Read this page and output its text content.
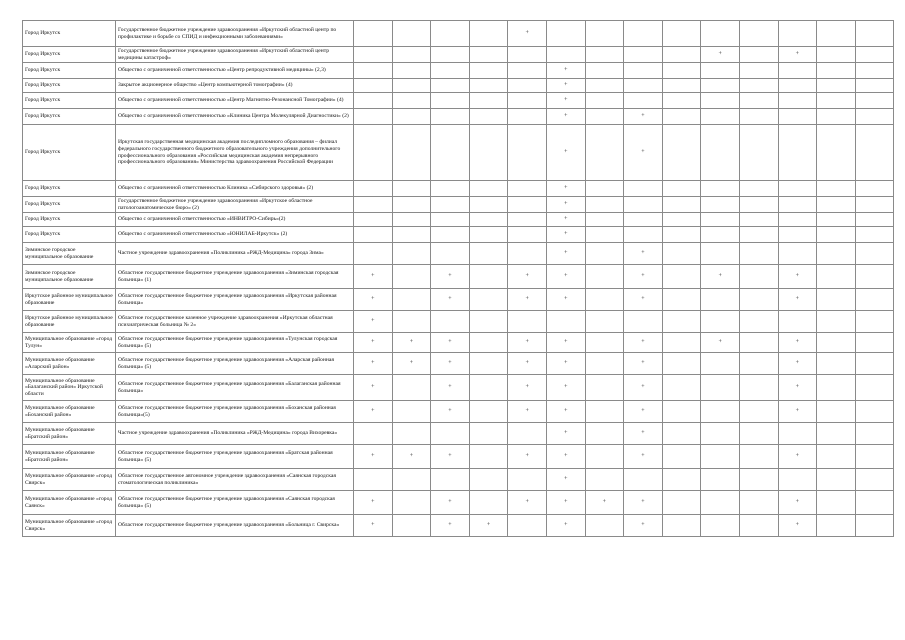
Город Иркутск	Государственное бюджетное учреждение здравоохранения «Иркутский областной центр по профилактике и борьбе со СПИД и инфекционными заболеваниями»					+									
Город Иркутск	Государственное бюджетное учреждение здравоохранения «Иркутский областной центр медицины катастроф»										+		+		
Город Иркутск	Общество с ограниченной ответственностью «Центр репродуктивной медицины» (2,3)						+								
Город Иркутск	Закрытое акционерное общество «Центр компьютерной томографии» (4)						+								
Город Иркутск	Общество с ограниченной ответственностью «Центр Магнитно-Резонансной Томографии» (4)						+								
Город Иркутск	Общество с ограниченной ответственностью «Клиника Центра Молекулярной Диагностики» (2)						+		+						
Город Иркутск	Иркутская государственная медицинская академия последипломного образования – филиал федерального государственного бюджетного образовательного учреждения дополнительного профессионального образования «Российская медицинская академия непрерывного профессионального образования» Министерства здравоохранения Российской Федерации						+		+						
Город Иркутск	Общество с ограниченной ответственностью Клиника «Сибирского здоровья» (2)						+								
Город Иркутск	Государственное бюджетное учреждение здравоохранения «Иркутское областное патологоанатомическое бюро» (2)						+								
Город Иркутск	Общество с ограниченной ответственностью «ИНВИТРО-Сибирь»(2)						+								
Город Иркутск	Общество с ограниченной ответственностью «ЮНИЛАБ-Иркутск» (2)						+								
Зиминское городское муниципальное образование	Частное учреждение здравоохранения «Поликлиника «РЖД-Медицина» города Зима»						+		+						
Зиминское городское муниципальное образование	Областное государственное бюджетное учреждение здравоохранения «Зиминская городская больница» (1)	+		+		+	+		+		+		+		
Иркутское районное муниципальное образование	Областное государственное бюджетное учреждение здравоохранения «Иркутская районная больница»	+		+		+	+		+				+		
Иркутское районное муниципальное образование	Областное государственное казенное учреждение здравоохранения «Иркутская областная психиатрическая больница № 2»	+													
Муниципальное образование «город Тулун»	Областное государственное бюджетное учреждение здравоохранения «Тулунская городская больница» (5)	+	+	+		+	+		+		+		+		
Муниципальное образование «Аларский район»	Областное государственное бюджетное учреждение здравоохранения «Аларская районная больница» (5)	+	+	+		+	+		+				+		
Муниципальное образование «Балаганский район» Иркутской области	Областное государственное бюджетное учреждение здравоохранения «Балаганская районная больница»	+		+		+	+		+				+		
Муниципальное образование «Боханский район»	Областное государственное бюджетное учреждение здравоохранения «Боханская районная больница»(5)	+		+		+	+		+				+		
Муниципальное образование «Братский район»	Частное учреждение здравоохранения «Поликлиника «РЖД-Медицина» города Вихоревка»						+		+						
Муниципальное образование «Братский район»	Областное государственное бюджетное учреждение здравоохранения «Братская районная больница» (5)	+	+	+		+	+		+				+		
Муниципальное образование «город Свирск»	Областное государственное автономное учреждение здравоохранения «Саянская городская стоматологическая поликлиника»						+								
Муниципальное образование «город Саянск»	Областное государственное бюджетное учреждение здравоохранения «Саянская городская больница» (5)	+		+		+	+	+	+				+		
Муниципальное образование «город Свирск»	Областное государственное бюджетное учреждение здравоохранения «Больница г. Свирска»	+		+	+		+		+				+		
